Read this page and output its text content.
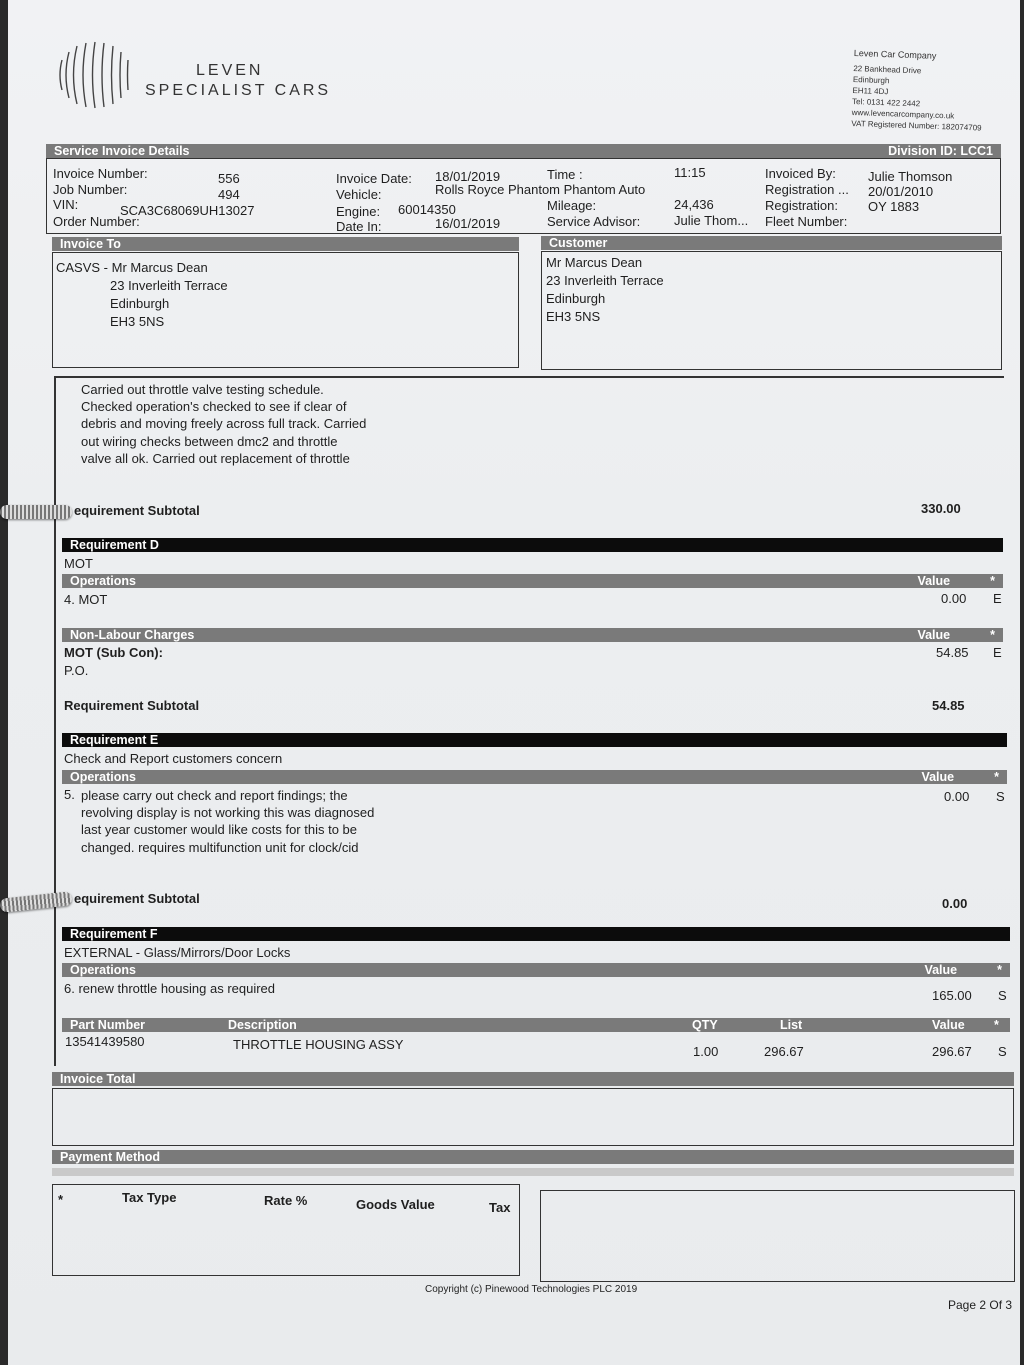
LEVEN
SPECIALIST CARS
Leven Car Company
22 Bankhead Drive
Edinburgh
EH11 4DJ
Tel: 0131 422 2442
www.levencarcompany.co.uk
VAT Registered Number: 182074709
Service Invoice Details	Division ID: LCC1
Invoice Number:	556
Job Number:	494
VIN:	SCA3C68069UH13027
Order Number:
Invoice Date: 18/01/2019
Vehicle:	Rolls Royce Phantom Phantom Auto
Engine: 60014350
Date In:	16/01/2019
Time :	11:15
Mileage:	24,436
Service Advisor:	Julie Thom...
Invoiced By: Julie Thomson
Registration ... 20/01/2010
Registration: OY 1883
Fleet Number:
Invoice To
CASVS - Mr Marcus Dean
23 Inverleith Terrace
Edinburgh
EH3 5NS
Customer
Mr Marcus Dean
23 Inverleith Terrace
Edinburgh
EH3 5NS
Carried out throttle valve testing schedule. Checked operation's checked to see if clear of debris and moving freely across full track. Carried out wiring checks between dmc2 and throttle valve all ok. Carried out replacement of throttle
equirement Subtotal	330.00
Requirement D
MOT
Operations	Value	*
4. MOT	0.00 E
Non-Labour Charges	Value	*
MOT (Sub Con):
P.O.
54.85 E
Requirement Subtotal	54.85
Requirement E
Check and Report customers concern
Operations	Value	*
5. please carry out check and report findings; the revolving display is not working this was diagnosed last year customer would like costs for this to be changed. requires multifunction unit for clock/cid
0.00 S
equirement Subtotal	0.00
Requirement F
EXTERNAL - Glass/Mirrors/Door Locks
Operations	Value	*
6. renew throttle housing as required	165.00 S
Part Number	Description	QTY	List	Value *
13541439580	THROTTLE HOUSING ASSY	1.00	296.67	296.67 S
Invoice Total
Payment Method
*	Tax Type	Rate %	Goods Value	Tax
Copyright (c) Pinewood Technologies PLC 2019
Page 2 Of 3
